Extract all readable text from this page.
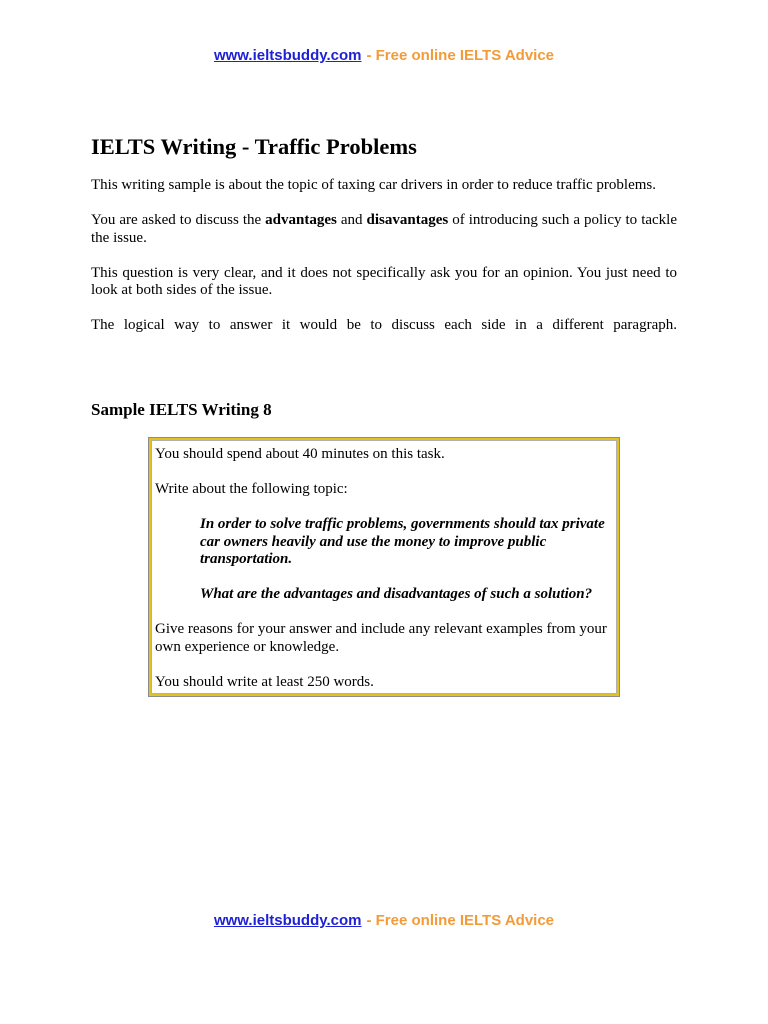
www.ieltsbuddy.com - Free online IELTS Advice
IELTS Writing - Traffic Problems

This writing sample is about the topic of taxing car drivers in order to reduce traffic problems.

You are asked to discuss the advantages and disavantages of introducing such a policy to tackle
the issue.

This question is very clear, and it does not specifically ask you for an opinion. You just need to
look at both sides of the issue.

The logical way to answer it would be to discuss each side in a different paragraph.

Sample IELTS Writing 8
You should spend about 40 minutes on this task.
Write about the following topic:
In order to solve traffic problems, governments should tax private
car owners heavily and use the money to improve public
transportation.
What are the advantages and disadvantages of such a solution?
Give reasons for your answer and include any relevant examples from your
own experience or knowledge.
You should write at least 250 words.
www.ieltsbuddy.com - Free online IELTS Advice
